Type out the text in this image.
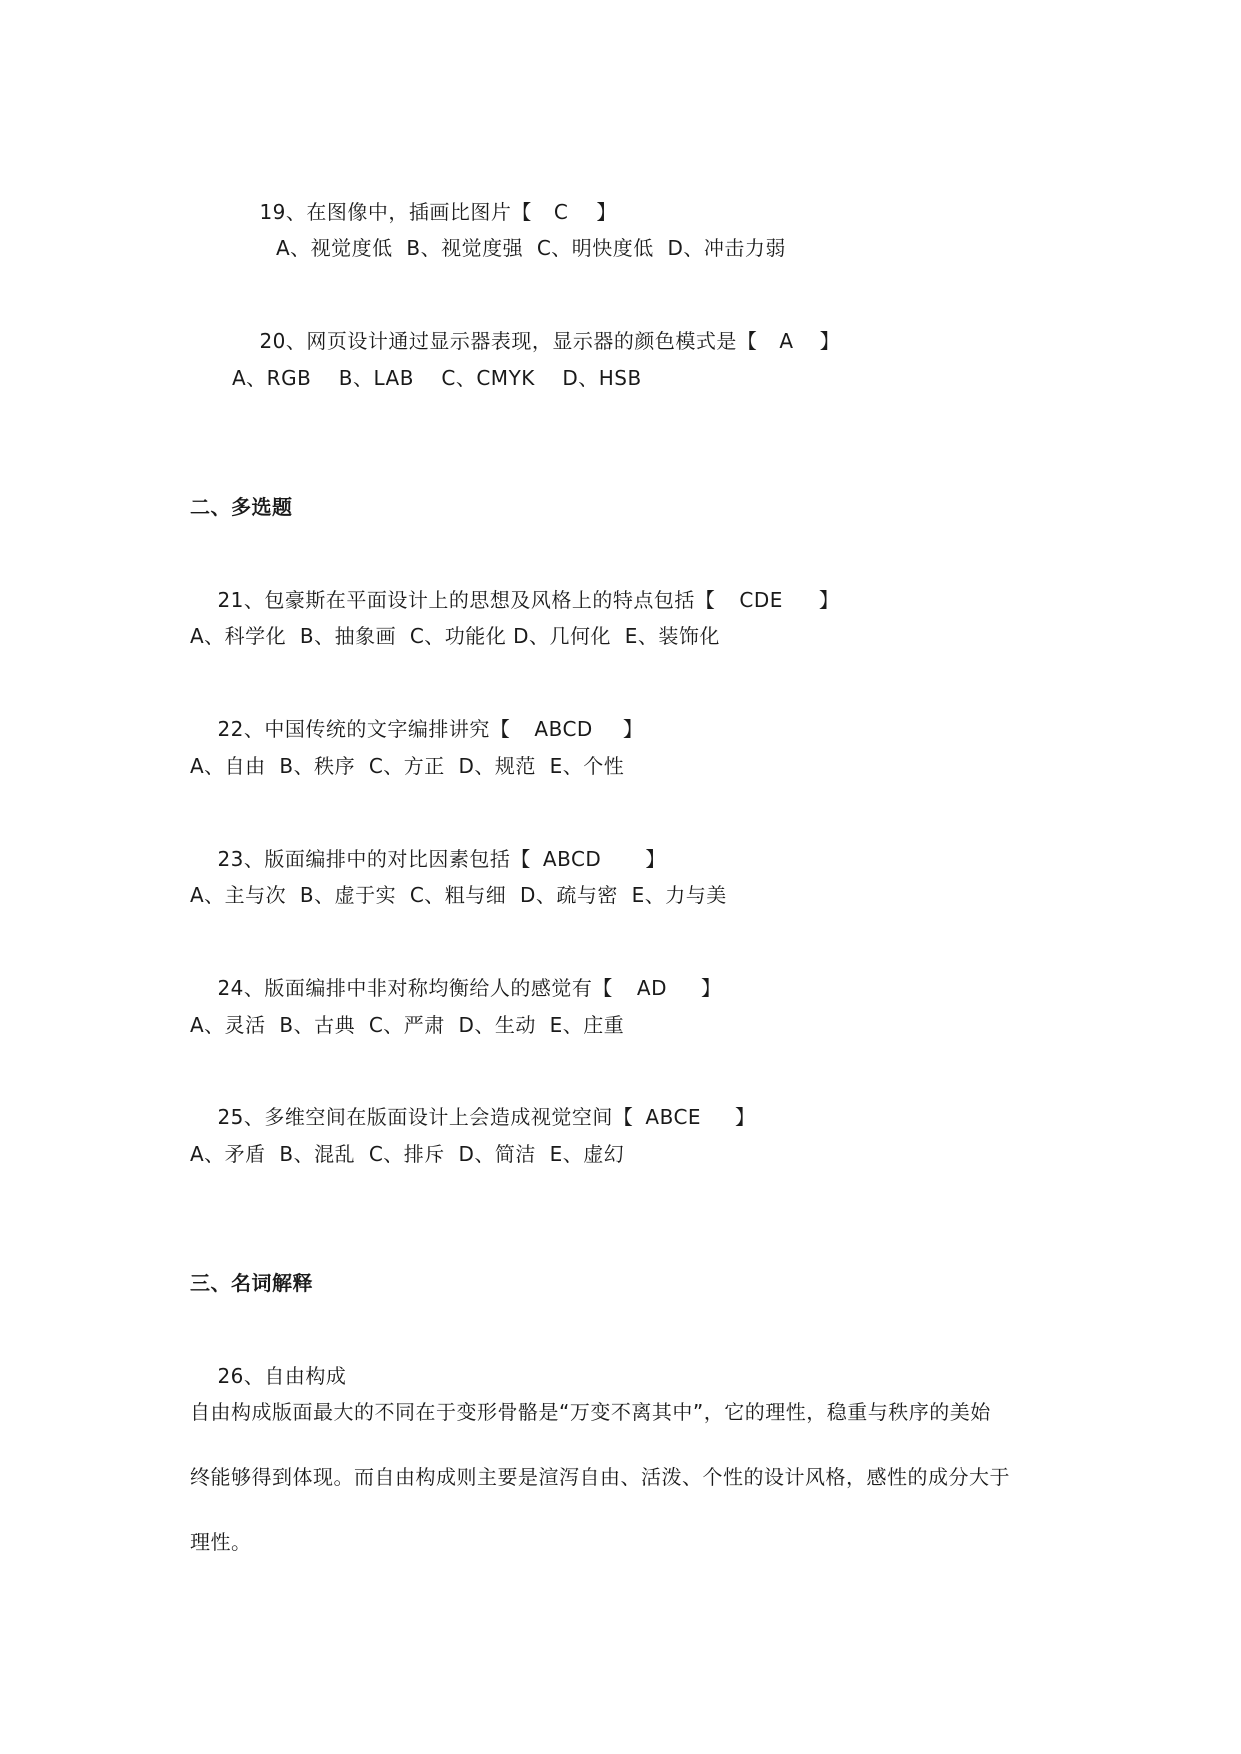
19、在图像中，插画比图片【 C 】

A、视觉度低  B、视觉度强  C、明快度低  D、冲击力弱

20、网页设计通过显示器表现，显示器的颜色模式是【 A 】

A、RGB    B、LAB    C、CMYK    D、HSB
二、多选题

21、包豪斯在平面设计上的思想及风格上的特点包括【 CDE 】

A、科学化  B、抽象画  C、功能化 D、几何化  E、装饰化

22、中国传统的文字编排讲究【 ABCD 】

A、自由  B、秩序  C、方正  D、规范  E、个性

23、版面编排中的对比因素包括【 ABCD 】

A、主与次  B、虚于实  C、粗与细  D、疏与密  E、力与美

24、版面编排中非对称均衡给人的感觉有【 AD 】

A、灵活  B、古典  C、严肃  D、生动  E、庄重

25、多维空间在版面设计上会造成视觉空间【 ABCE 】

A、矛盾  B、混乱  C、排斥  D、简洁  E、虚幻
三、名词解释

26、自由构成

自由构成版面最大的不同在于变形骨骼是“万变不离其中”，它的理性，稳重与秩序的美始
终能够得到体现。而自由构成则主要是渲泻自由、活泼、个性的设计风格，感性的成分大于
理性。
